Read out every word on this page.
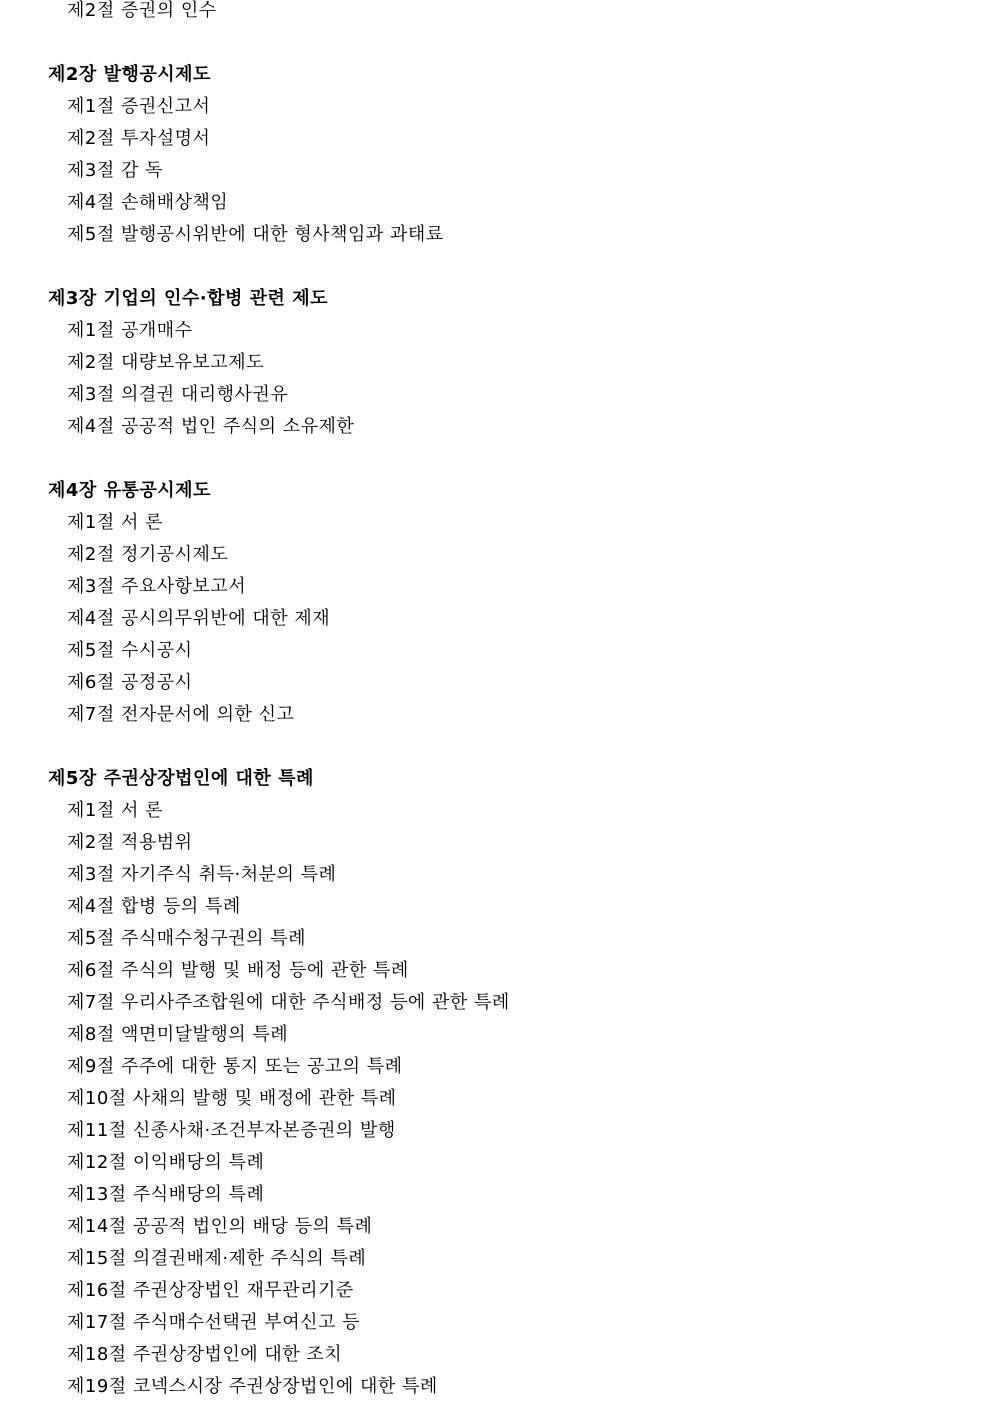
제2절 증권의 인수
제2장 발행공시제도
제1절 증권신고서
제2절 투자설명서
제3절 감 독
제4절 손해배상책임
제5절 발행공시위반에 대한 형사책임과 과태료
제3장 기업의 인수·합병 관련 제도
제1절 공개매수
제2절 대량보유보고제도
제3절 의결권 대리행사권유
제4절 공공적 법인 주식의 소유제한
제4장 유통공시제도
제1절 서 론
제2절 정기공시제도
제3절 주요사항보고서
제4절 공시의무위반에 대한 제재
제5절 수시공시
제6절 공정공시
제7절 전자문서에 의한 신고
제5장 주권상장법인에 대한 특례
제1절 서 론
제2절 적용범위
제3절 자기주식 취득·처분의 특례
제4절 합병 등의 특례
제5절 주식매수청구권의 특례
제6절 주식의 발행 및 배정 등에 관한 특례
제7절 우리사주조합원에 대한 주식배정 등에 관한 특례
제8절 액면미달발행의 특례
제9절 주주에 대한 통지 또는 공고의 특례
제10절 사채의 발행 및 배정에 관한 특례
제11절 신종사채·조건부자본증권의 발행
제12절 이익배당의 특례
제13절 주식배당의 특례
제14절 공공적 법인의 배당 등의 특례
제15절 의결권배제·제한 주식의 특례
제16절 주권상장법인 재무관리기준
제17절 주식매수선택권 부여신고 등
제18절 주권상장법인에 대한 조치
제19절 코넥스시장 주권상장법인에 대한 특례
